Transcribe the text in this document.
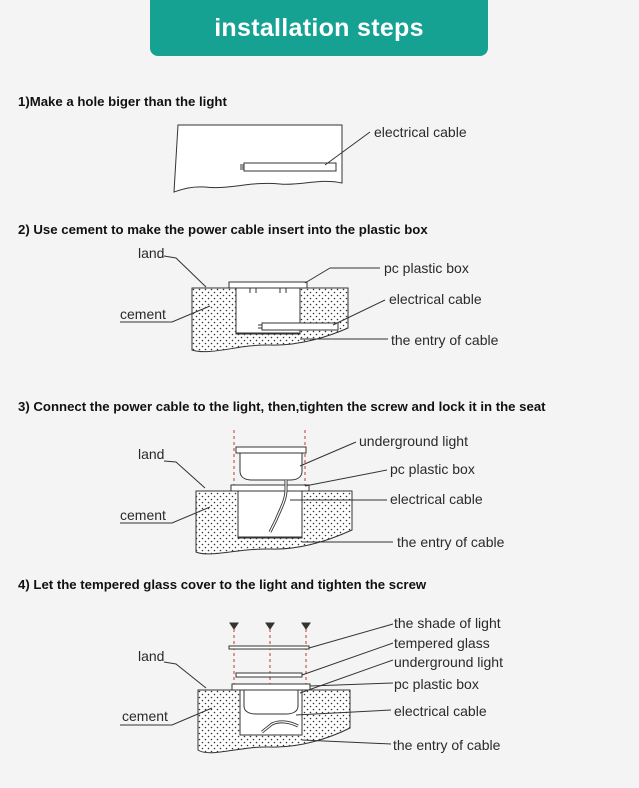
installation steps
1)Make a hole biger than the light
2) Use cement to make the power cable insert into the plastic box
3) Connect the power cable to the light, then,tighten the screw and lock it in the seat
4) Let the tempered glass cover to the light and tighten the screw
electrical cable
land
cement
pc plastic box
electrical cable
the entry of cable
land
cement
underground light
pc plastic box
electrical cable
the entry of cable
land
cement
the shade of light
tempered glass
underground light
pc plastic box
electrical cable
the entry of cable
